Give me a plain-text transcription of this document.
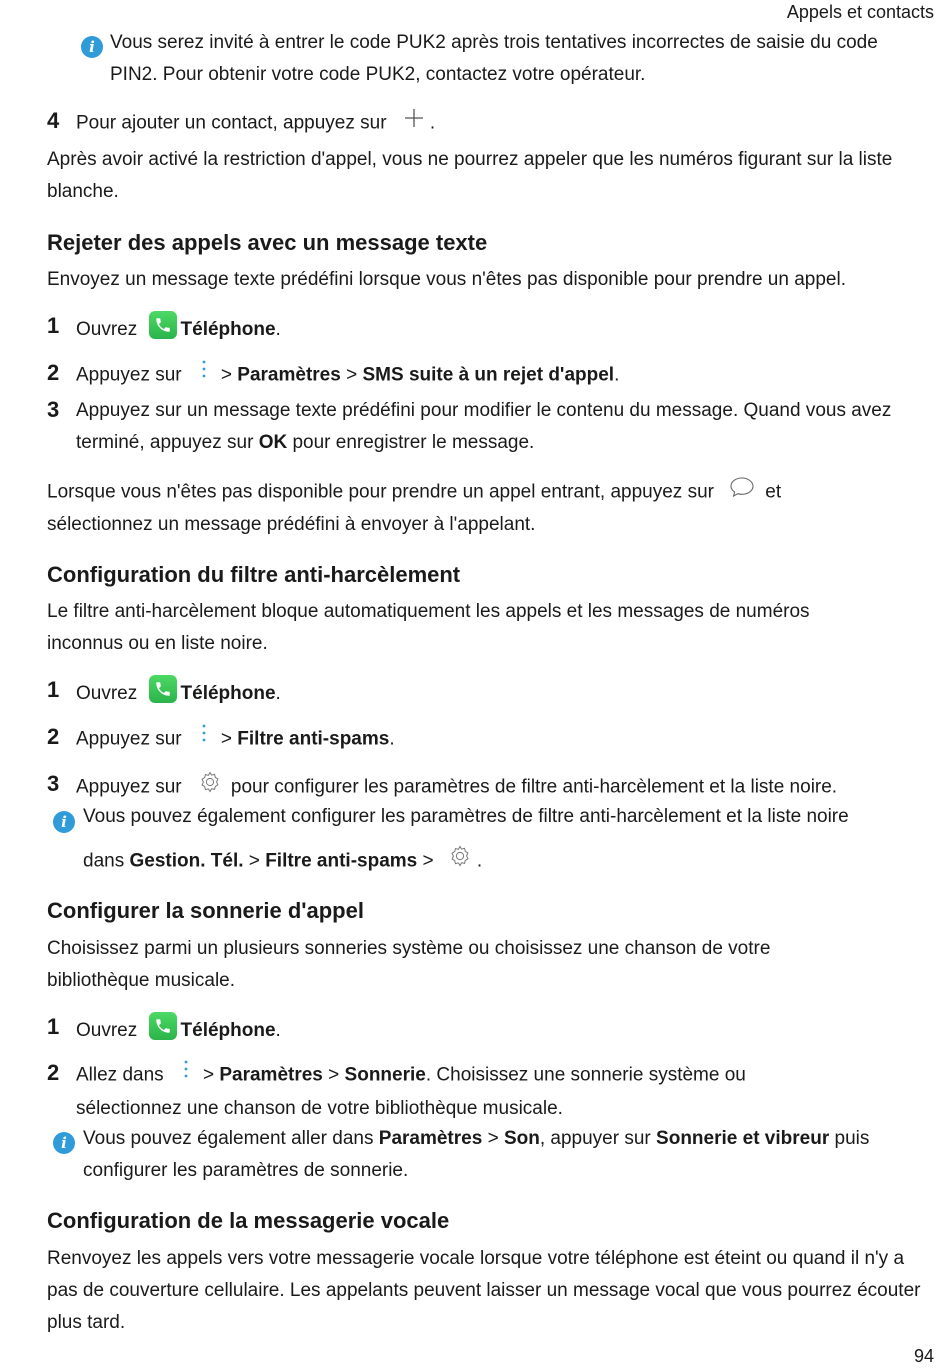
Appels et contacts
i Vous serez invité à entrer le code PUK2 après trois tentatives incorrectes de saisie du code PIN2. Pour obtenir votre code PUK2, contactez votre opérateur.
4 Pour ajouter un contact, appuyez sur .
Après avoir activé la restriction d'appel, vous ne pourrez appeler que les numéros figurant sur la liste blanche.
Rejeter des appels avec un message texte
Envoyez un message texte prédéfini lorsque vous n'êtes pas disponible pour prendre un appel.
1 Ouvrez Téléphone.
2 Appuyez sur > Paramètres > SMS suite à un rejet d'appel.
3 Appuyez sur un message texte prédéfini pour modifier le contenu du message. Quand vous avez terminé, appuyez sur OK pour enregistrer le message.
Lorsque vous n'êtes pas disponible pour prendre un appel entrant, appuyez sur	et sélectionnez un message prédéfini à envoyer à l'appelant.
Configuration du filtre anti-harcèlement
Le filtre anti-harcèlement bloque automatiquement les appels et les messages de numéros inconnus ou en liste noire.
1 Ouvrez Téléphone.
2 Appuyez sur > Filtre anti-spams.
3 Appuyez sur	pour configurer les paramètres de filtre anti-harcèlement et la liste noire.
i Vous pouvez également configurer les paramètres de filtre anti-harcèlement et la liste noire
dans Gestion. Tél. > Filtre anti-spams > .
Configurer la sonnerie d'appel
Choisissez parmi un plusieurs sonneries système ou choisissez une chanson de votre bibliothèque musicale.
1 Ouvrez Téléphone.
2 Allez dans > Paramètres > Sonnerie. Choisissez une sonnerie système ou sélectionnez une chanson de votre bibliothèque musicale.
i Vous pouvez également aller dans Paramètres > Son, appuyer sur Sonnerie et vibreur puis configurer les paramètres de sonnerie.
Configuration de la messagerie vocale
Renvoyez les appels vers votre messagerie vocale lorsque votre téléphone est éteint ou quand il n'y a pas de couverture cellulaire. Les appelants peuvent laisser un message vocal que vous pourrez écouter plus tard.
94
